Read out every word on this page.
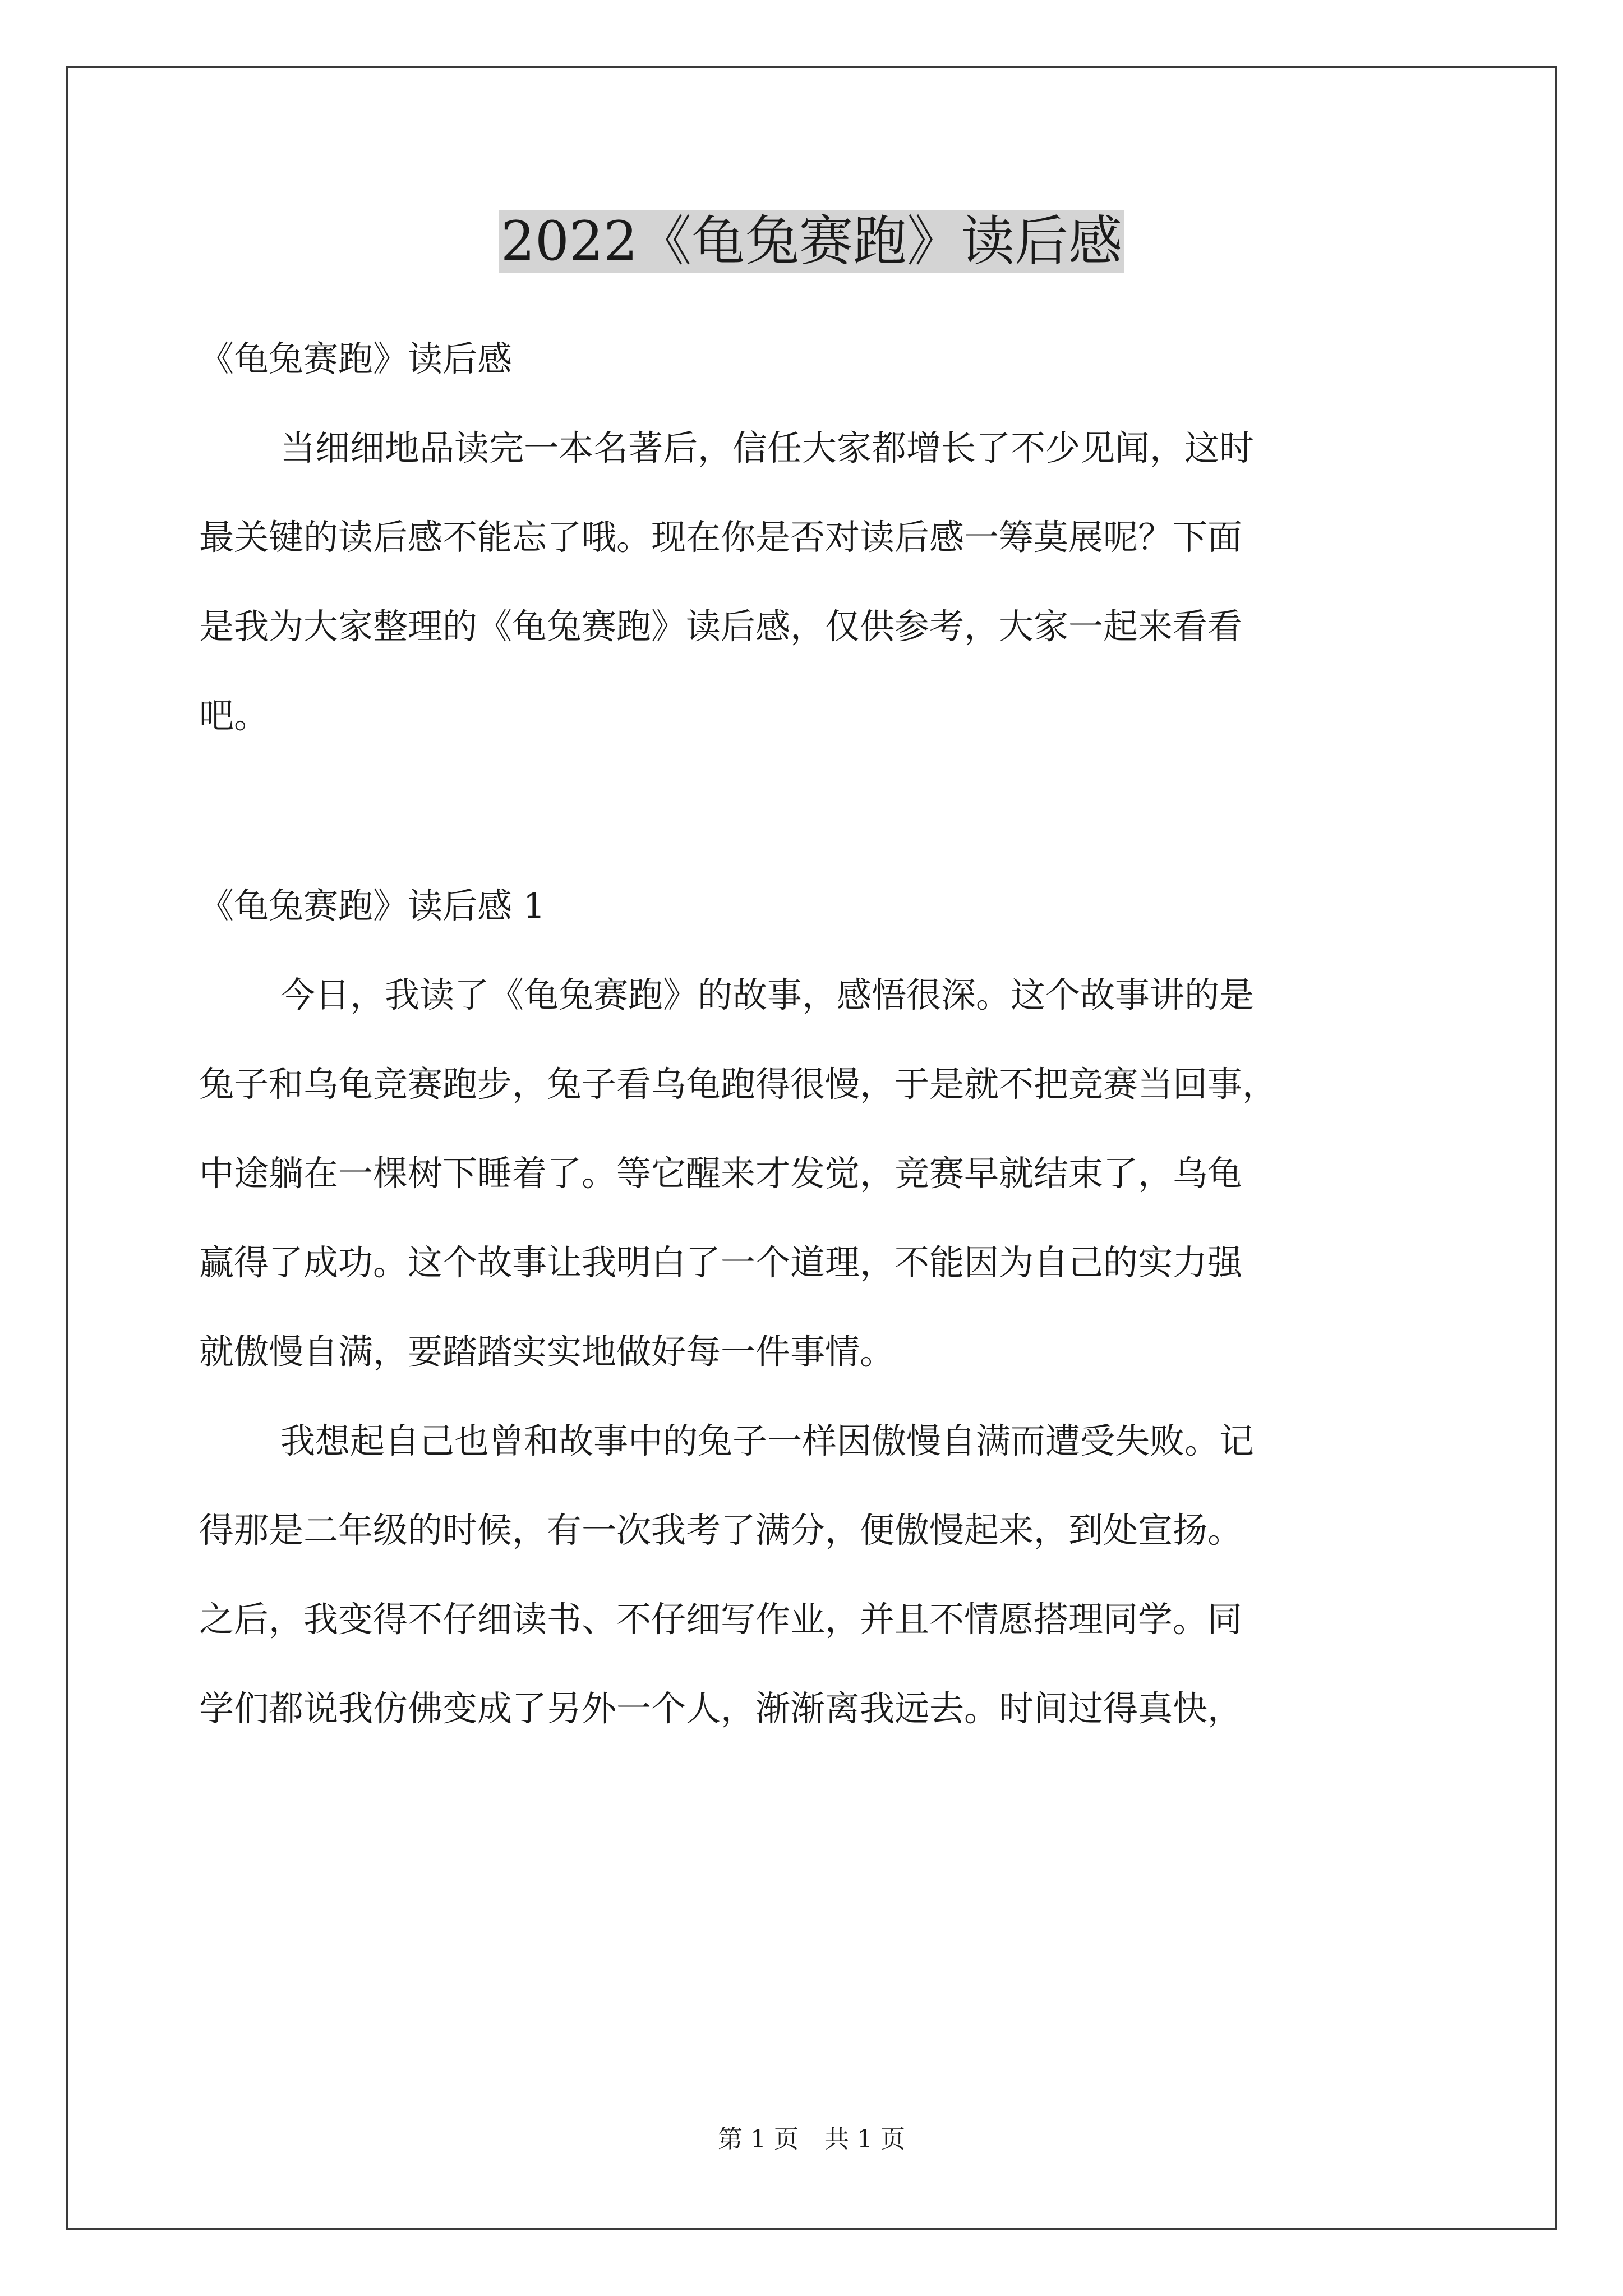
2022《龟兔赛跑》读后感
《龟兔赛跑》读后感
当细细地品读完一本名著后，信任大家都增长了不少见闻，这时
最关键的读后感不能忘了哦。现在你是否对读后感一筹莫展呢？下面
是我为大家整理的《龟兔赛跑》读后感，仅供参考，大家一起来看看
吧。
《龟兔赛跑》读后感 1
今日，我读了《龟兔赛跑》的故事，感悟很深。这个故事讲的是
兔子和乌龟竞赛跑步，兔子看乌龟跑得很慢，于是就不把竞赛当回事，
中途躺在一棵树下睡着了。等它醒来才发觉，竞赛早就结束了，乌龟
赢得了成功。这个故事让我明白了一个道理，不能因为自己的实力强
就傲慢自满，要踏踏实实地做好每一件事情。
我想起自己也曾和故事中的兔子一样因傲慢自满而遭受失败。记
得那是二年级的时候，有一次我考了满分，便傲慢起来，到处宣扬。
之后，我变得不仔细读书、不仔细写作业，并且不情愿搭理同学。同
学们都说我仿佛变成了另外一个人，渐渐离我远去。时间过得真快，
第 1 页 共 1 页
